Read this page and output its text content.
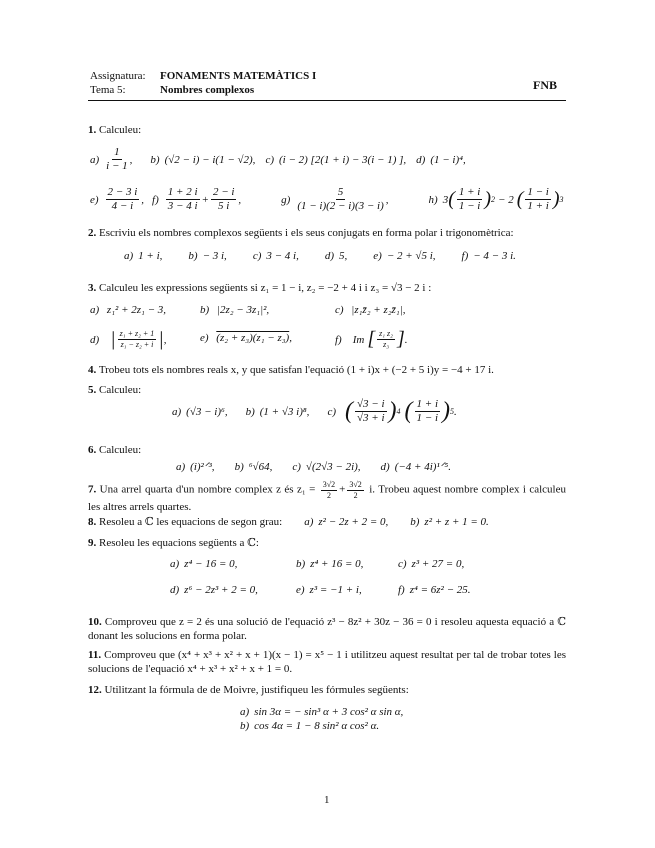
Assignatura: FONAMENTS MATEMÀTICS I
Tema 5:	Nombres complexos	FNB
1. Calculeu:
$a) \frac{1}{i - 1}$ , b) (√2 − i) − i(1 − √2), c) (i − 2) [2(1 + i) − 3(i − 1) ], d) (1 − i)⁴,
$e) \frac{2 - 3 i}{4 - i}$ , $f) \frac{1 + 2 i}{3 - 4 i} + \frac{2 - i}{5 i}$ ,	$g) \frac{5}{(1 - i)(2 - i)(3 - i)}$ ,	h) 3 ( $\frac{1 + i}{1 - i}$ ) 2 − 2 ( $\frac{1 - i}{1 + i}$ ) 3
2. Escriviu els nombres complexos següents i els seus conjugats en forma polar i trigonomètrica:
a) 1 + i, b) − 3 i, c) 3 − 4 i, d) 5, e) − 2 + √5 i, f) − 4 − 3 i.
3. Calculeu les expressions següents si z₁ = 1 − i, z₂ = −2 + 4 i i z₃ = √3 − 2 i :
a) z₁² + 2z₁ − 3,	b) |2z₂ − 3z₁|²,	c) |z₁z̄₂ + z₂z̄₁|,
d) | $\frac{\text{z₁ + z₂ + 1}}{\text{z₁ − z₂ + i}}$ | ,	e) (z₂ + z₃)(z₁ − z₃),	f) Im [ $\frac{\text{z₁ z₂}}{\text{z₃}}$ ] .
4. Trobeu tots els nombres reals x, y que satisfan l'equació (1 + i)x + (−2 + 5 i)y = −4 + 17 i.
5. Calculeu:
a) (√3 − i)⁶, b) (1 + √3 i)⁸, c) ( $\frac{√3 - i}{√3 + i}$ ) 4 ( $\frac{1 + i}{1 - i}$ ) 5 .
6. Calculeu:
a) (i)²ᐟ³, b) ⁶√64, c) √(2√3 − 2i), d) (−4 + 4i)¹ᐟ⁵.
7. Una arrel quarta d'un nombre complex z és $z_1 = \frac{3√2}{2} + \frac{3√2}{2} i$. Trobeu aquest nombre complex i calculeu les altres arrels quartes.
8.
Resoleu a ℂ les equacions de segon grau: a) z² − 2z + 2 = 0, b) z² + z + 1 = 0.
9. Resoleu les equacions següents a ℂ:
a) z⁴ − 16 = 0,	b) z⁴ + 16 = 0,	c) z³ + 27 = 0,
d) z⁶ − 2z³ + 2 = 0,	e) z³ = −1 + i,	f) z⁴ = 6z² − 25.
10. Comproveu que z = 2 és una solució de l'equació z³ − 8z² + 30z − 36 = 0 i resoleu aquesta equació a ℂ donant les solucions en forma polar.
11. Comproveu que (x⁴ + x³ + x² + x + 1)(x − 1) = x⁵ − 1 i utilitzeu aquest resultat per tal de trobar totes les solucions de l'equació x⁴ + x³ + x² + x + 1 = 0.
12. Utilitzant la fórmula de de Moivre, justifiqueu les fórmules següents:
a) sin 3α = − sin³ α + 3 cos² α sin α,
b) cos 4α = 1 − 8 sin² α cos² α.
1
